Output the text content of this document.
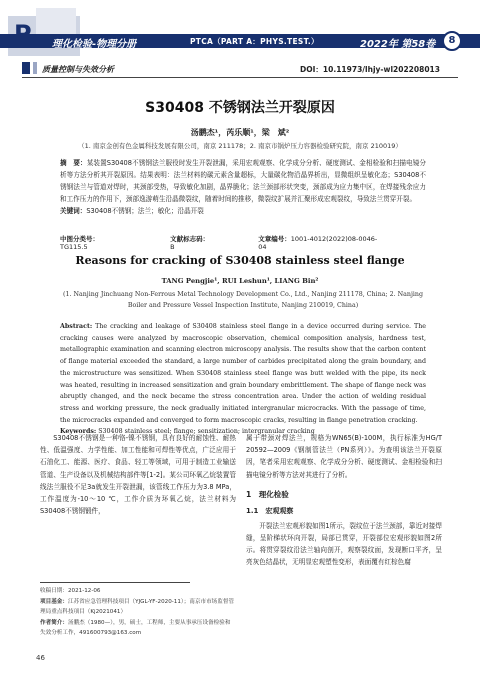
理化检验-物理分册	PTCA（PART A：PHYS.TEST.）	2022年 第58卷	8
质量控制与失效分析	DOI：10.11973/lhjy-wl202208013
S30408 不锈钢法兰开裂原因
汤鹏杰¹，芮乐顺¹，梁　斌²
（1. 南京金创有色金属科技发展有限公司，南京 211178；2. 南京市锅炉压力容器检验研究院，南京 210019）
摘　要：某装置S30408不锈钢法兰服役时发生开裂泄漏，采用宏观观察、化学成分分析、硬度测试、金相检验和扫描电镜分析等方法分析其开裂原因。结果表明：法兰材料的碳元素含量超标，大量碳化物沿晶界析出，显微组织呈敏化态；S30408不锈钢法兰与管道对焊时，其颈部受热，导致敏化加剧，晶界脆化；法兰颈部形状突变，颈部成为应力集中区，在焊接残余应力和工作压力的作用下，颈部逸游萌生沿晶微裂纹，随着时间的推移，微裂纹扩展并汇聚形成宏观裂纹，导致法兰贯穿开裂。
关键词：S30408不锈钢；法兰；敏化；沿晶开裂
中图分类号：TG115.5
文献标志码：B
文章编号：1001-4012(2022)08-0046-04
Reasons for cracking of S30408 stainless steel flange
TANG Pengjie¹, RUI Leshun¹, LIANG Bin²
(1. Nanjing Jinchuang Non-Ferrous Metal Technology Development Co., Ltd., Nanjing 211178, China; 2. Nanjing Boiler and Pressure Vessel Inspection Institute, Nanjing 210019, China)
Abstract: The cracking and leakage of S30408 stainless steel flange in a device occurred during service. The cracking causes were analyzed by macroscopic observation, chemical composition analysis, hardness test, metallographic examination and scanning electron microscopy analysis. The results show that the carbon content of flange material exceeded the standard, a large number of carbides precipitated along the grain boundary, and the microstructure was sensitized. When S30408 stainless steel flange was butt welded with the pipe, its neck was heated, resulting in increased sensitization and grain boundary embrittlement. The shape of flange neck was abruptly changed, and the neck became the stress concentration area. Under the action of welding residual stress and working pressure, the neck gradually initiated intergranular microcracks. With the passage of time, the microcracks expanded and converged to form macroscopic cracks, resulting in flange penetration cracking.
Keywords: S30408 stainless steel; flange; sensitization; intergranular cracking

S30408不锈钢是一种铬-镍不锈钢，具有良好的耐蚀性、耐热性、低温强度、力学性能、加工性能和可焊性等优点，广泛应用于石油化工、能源、医疗、食品、轻工等领域，可用于制造工业输送管道、生产设备以及机械结构部件等[1-2]。某公司环氧乙烷装置管线法兰服役不足3a就发生开裂泄漏，该管线工作压力为3.8 MPa，工作温度为-10～10 ℃，工作介质为环氧乙烷，法兰材料为S30408不锈钢锻件，

属于带颈对焊法兰，规格为WN65(B)-100M，执行标准为HG/T 20592—2009《钢制管法兰（PN系列）》。为查明该法兰开裂原因，笔者采用宏观观察、化学成分分析、硬度测试、金相检验和扫描电镜分析等方法对其进行了分析。

1　理化检验
1.1　宏观观察

开裂法兰宏观形貌如图1所示，裂纹位于法兰颈部，靠近对接焊缝，呈阶梯状环向开裂，局部已贯穿，开裂部位宏观形貌如图2所示。将贯穿裂纹沿法兰轴向剖开，观察裂纹面，发现断口平齐，呈亮灰色结晶状，无明显宏观塑性变形，表面覆有红棕色腐

收稿日期：2021-12-06
项目基金：江苏省应急管理科技项目（YJGL-YF-2020-11）；南京市市场监督管理局重点科技项目（Kj2021041）
作者简介：汤鹏杰（1980—），男，硕士，工程师，主要从事承压设备检验和失效分析工作，491600793@163.com
46
